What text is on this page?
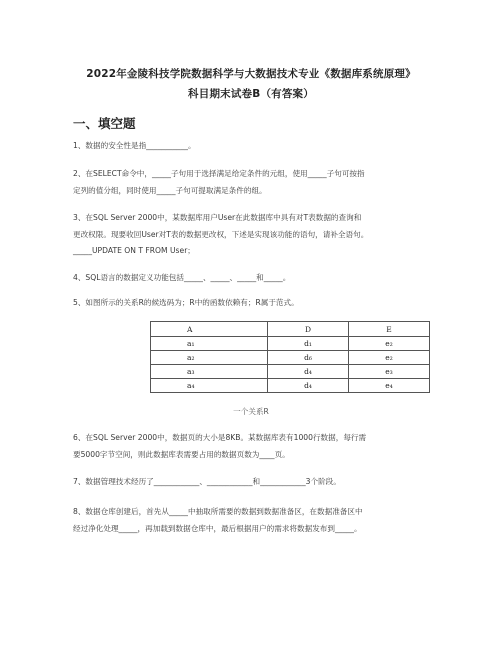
2022年金陵科技学院数据科学与大数据技术专业《数据库系统原理》
科目期末试卷B（有答案）
一、填空题
1、数据的安全性是指___________。
2、在SELECT命令中，_____子句用于选择满足给定条件的元组，使用_____子句可按指
定列的值分组，同时使用_____子句可提取满足条件的组。
3、在SQL Server 2000中，某数据库用户User在此数据库中具有对T表数据的查询和
更改权限。现要收回User对T表的数据更改权，下述是实现该功能的语句，请补全语句。
_____UPDATE ON T FROM User；
4、SQL语言的数据定义功能包括_____、_____、_____和_____。
5、如图所示的关系R的候选码为；R中的函数依赖有；R属于范式。
A	D	E
a₁	d₁	e₂
a₂	d₆	e₂
a₃	d₄	e₃
a₄	d₄	e₄
一个关系R
6、在SQL Server 2000中，数据页的大小是8KB。某数据库表有1000行数据，每行需
要5000字节空间，则此数据库表需要占用的数据页数为____页。
7、数据管理技术经历了____________、____________和____________3个阶段。
8、数据仓库创建后，首先从_____中抽取所需要的数据到数据准备区，在数据准备区中
经过净化处理_____，再加载到数据仓库中，最后根据用户的需求将数据发布到_____。
